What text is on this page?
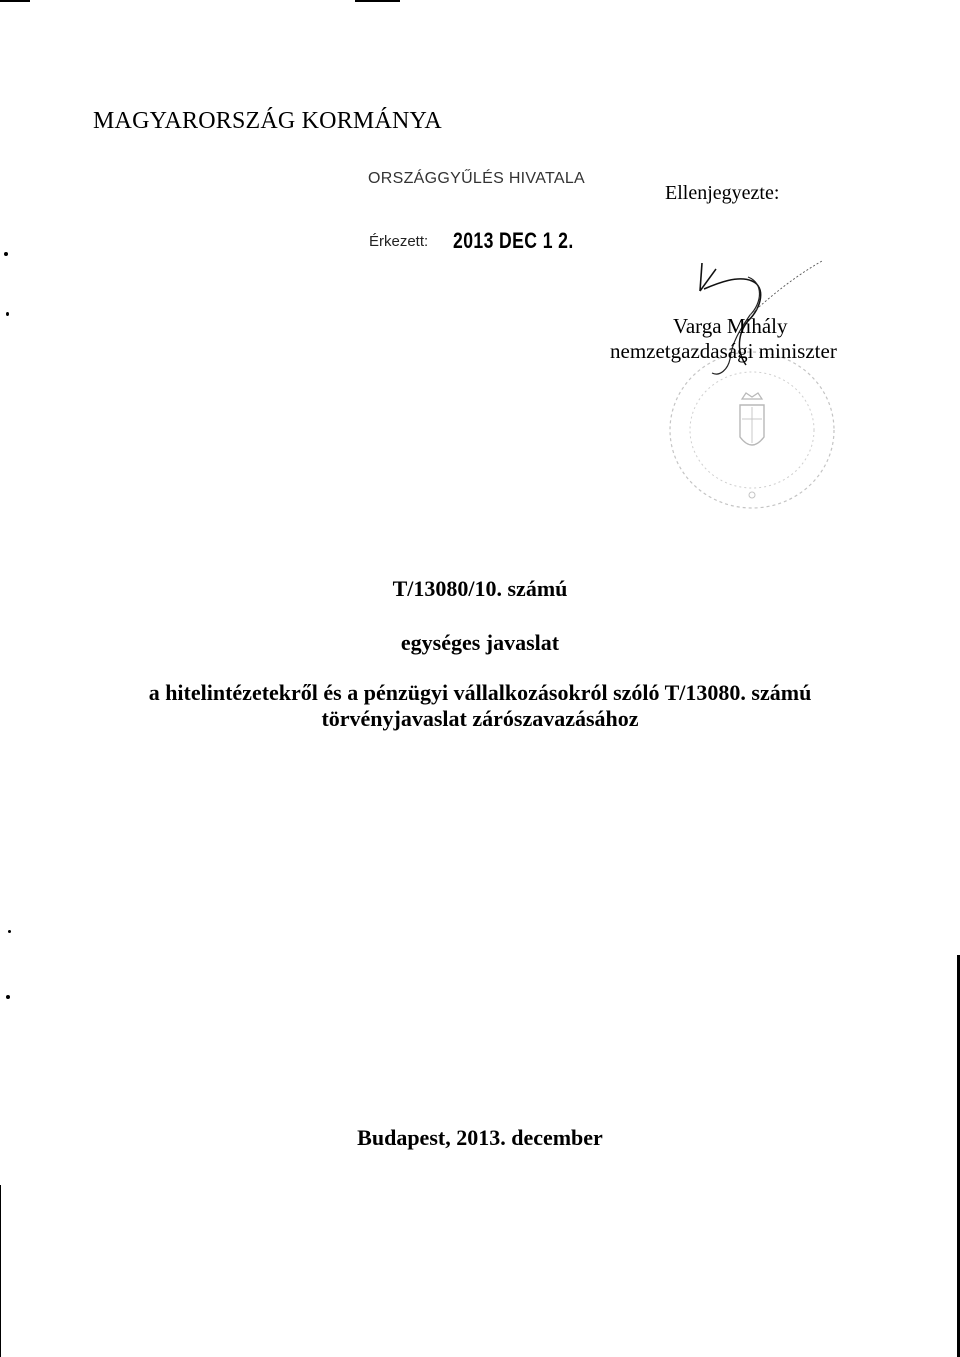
MAGYARORSZÁG KORMÁNYA
ORSZÁGGYŰLÉS HIVATALA
Érkezett: 2013 DEC 1 2.
Ellenjegyezte:
Varga Mihály
nemzetgazdasági miniszter
T/13080/10. számú
egységes javaslat
a hitelintézetekről és a pénzügyi vállalkozásokról szóló T/13080. számú
törvényjavaslat zárószavazásához
Budapest, 2013. december
